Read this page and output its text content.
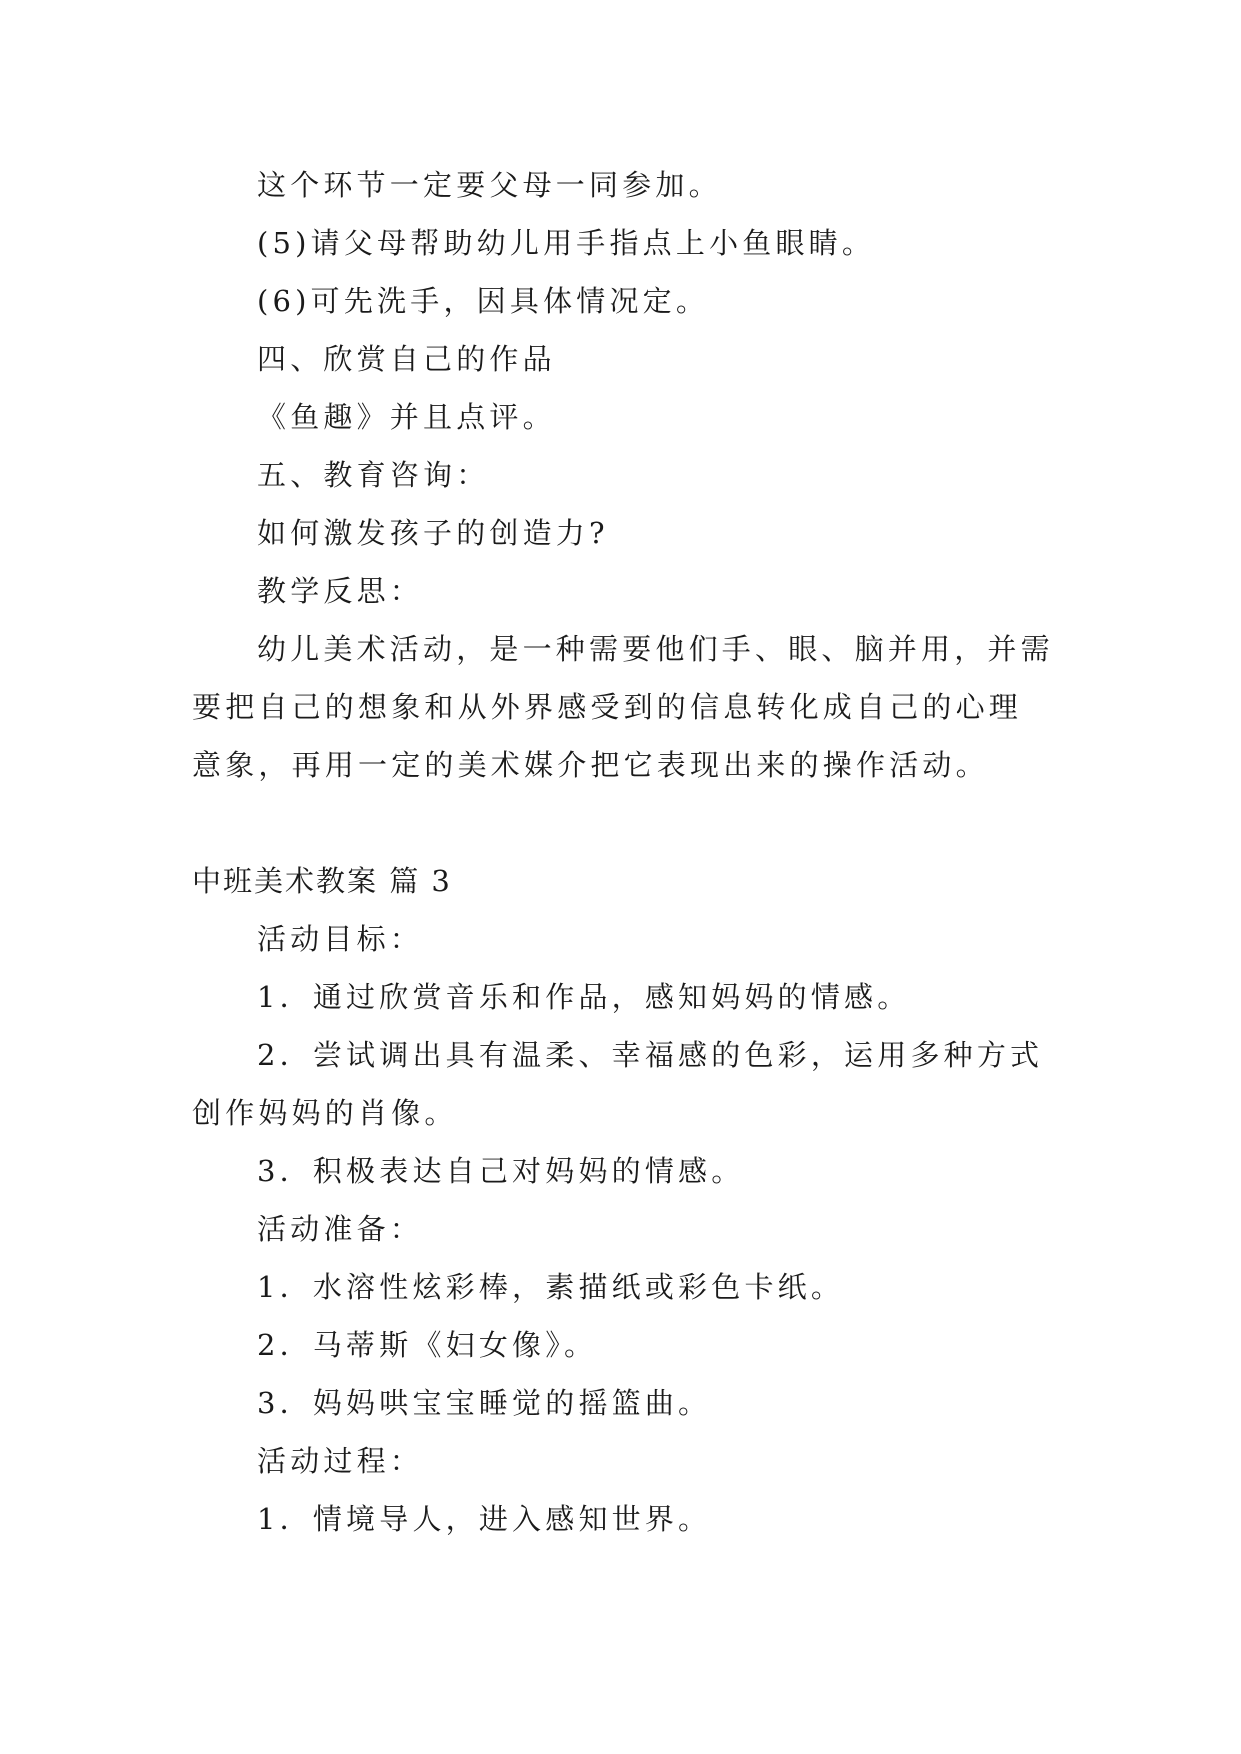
这个环节一定要父母一同参加。
(5)请父母帮助幼儿用手指点上小鱼眼睛。
(6)可先洗手，因具体情况定。
四、欣赏自己的作品
《鱼趣》并且点评。
五、教育咨询：
如何激发孩子的创造力?
教学反思：
幼儿美术活动，是一种需要他们手、眼、脑并用，并需
要把自己的想象和从外界感受到的信息转化成自己的心理
意象，再用一定的美术媒介把它表现出来的操作活动。
中班美术教案 篇 3
活动目标：
1．通过欣赏音乐和作品，感知妈妈的情感。
2．尝试调出具有温柔、幸福感的色彩，运用多种方式
创作妈妈的肖像。
3．积极表达自己对妈妈的情感。
活动准备：
1．水溶性炫彩棒，素描纸或彩色卡纸。
2．马蒂斯《妇女像》。
3．妈妈哄宝宝睡觉的摇篮曲。
活动过程：
1．情境导人，进入感知世界。
